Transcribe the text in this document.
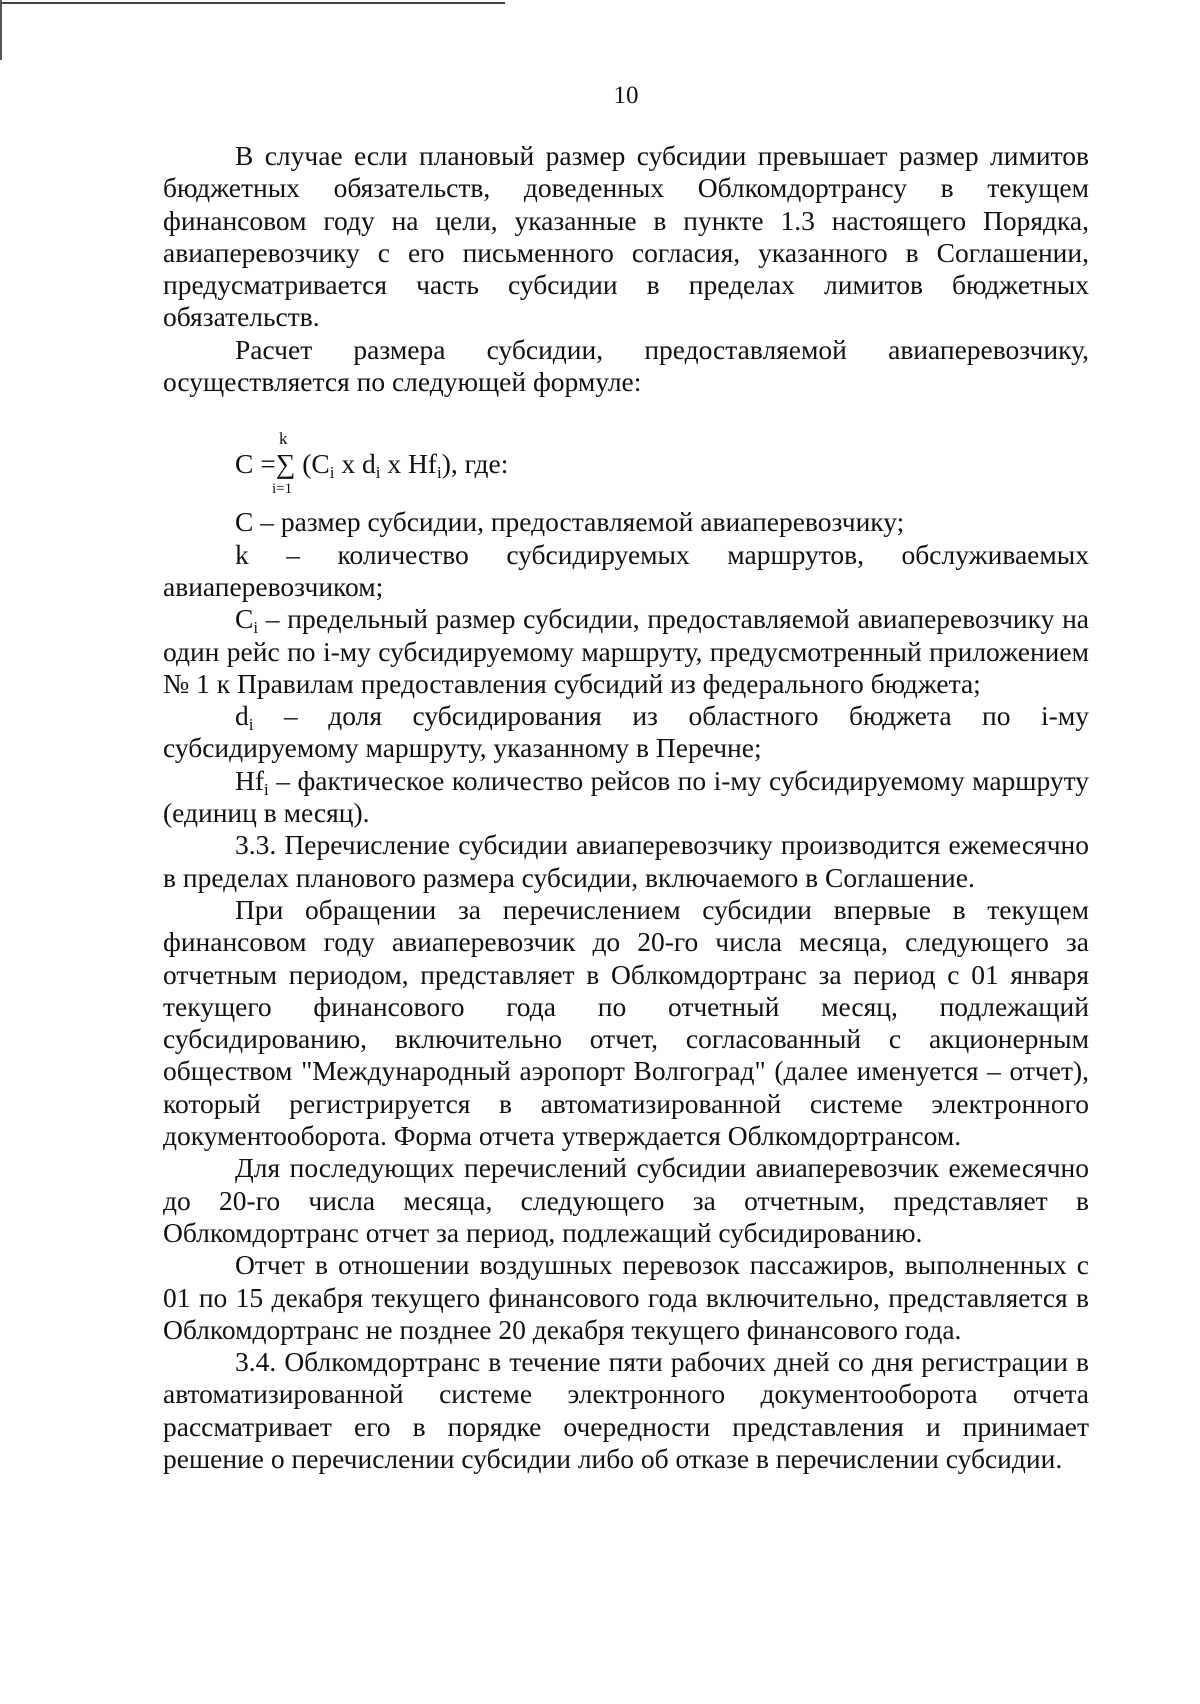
10

В случае если плановый размер субсидии превышает размер лимитов бюджетных обязательств, доведенных Облкомдортрансу в текущем финансовом году на цели, указанные в пункте 1.3 настоящего Порядка, авиаперевозчику с его письменного согласия, указанного в Соглашении, предусматривается часть субсидии в пределах лимитов бюджетных обязательств.

Расчет размера субсидии, предоставляемой авиаперевозчику, осуществляется по следующей формуле:

k
C =∑ ($C_i$ x $d_i$ x $Hf_i$), где:
i=1

С – размер субсидии, предоставляемой авиаперевозчику;

k – количество субсидируемых маршрутов, обслуживаемых авиаперевозчиком;

$С_i$ – предельный размер субсидии, предоставляемой авиаперевозчику на один рейс по i-му субсидируемому маршруту, предусмотренный приложением № 1 к Правилам предоставления субсидий из федерального бюджета;

$d_i$ – доля субсидирования из областного бюджета по i-му субсидируемому маршруту, указанному в Перечне;

$Hf_i$ – фактическое количество рейсов по i-му субсидируемому маршруту (единиц в месяц).

3.3. Перечисление субсидии авиаперевозчику производится ежемесячно в пределах планового размера субсидии, включаемого в Соглашение.

При обращении за перечислением субсидии впервые в текущем финансовом году авиаперевозчик до 20-го числа месяца, следующего за отчетным периодом, представляет в Облкомдортранс за период с 01 января текущего финансового года по отчетный месяц, подлежащий субсидированию, включительно отчет, согласованный с акционерным обществом "Международный аэропорт Волгоград" (далее именуется – отчет), который регистрируется в автоматизированной системе электронного документооборота. Форма отчета утверждается Облкомдортрансом.

Для последующих перечислений субсидии авиаперевозчик ежемесячно до 20-го числа месяца, следующего за отчетным, представляет в Облкомдортранс отчет за период, подлежащий субсидированию.

Отчет в отношении воздушных перевозок пассажиров, выполненных с 01 по 15 декабря текущего финансового года включительно, представляется в Облкомдортранс не позднее 20 декабря текущего финансового года.

3.4. Облкомдортранс в течение пяти рабочих дней со дня регистрации в автоматизированной системе электронного документооборота отчета рассматривает его в порядке очередности представления и принимает решение о перечислении субсидии либо об отказе в перечислении субсидии.
